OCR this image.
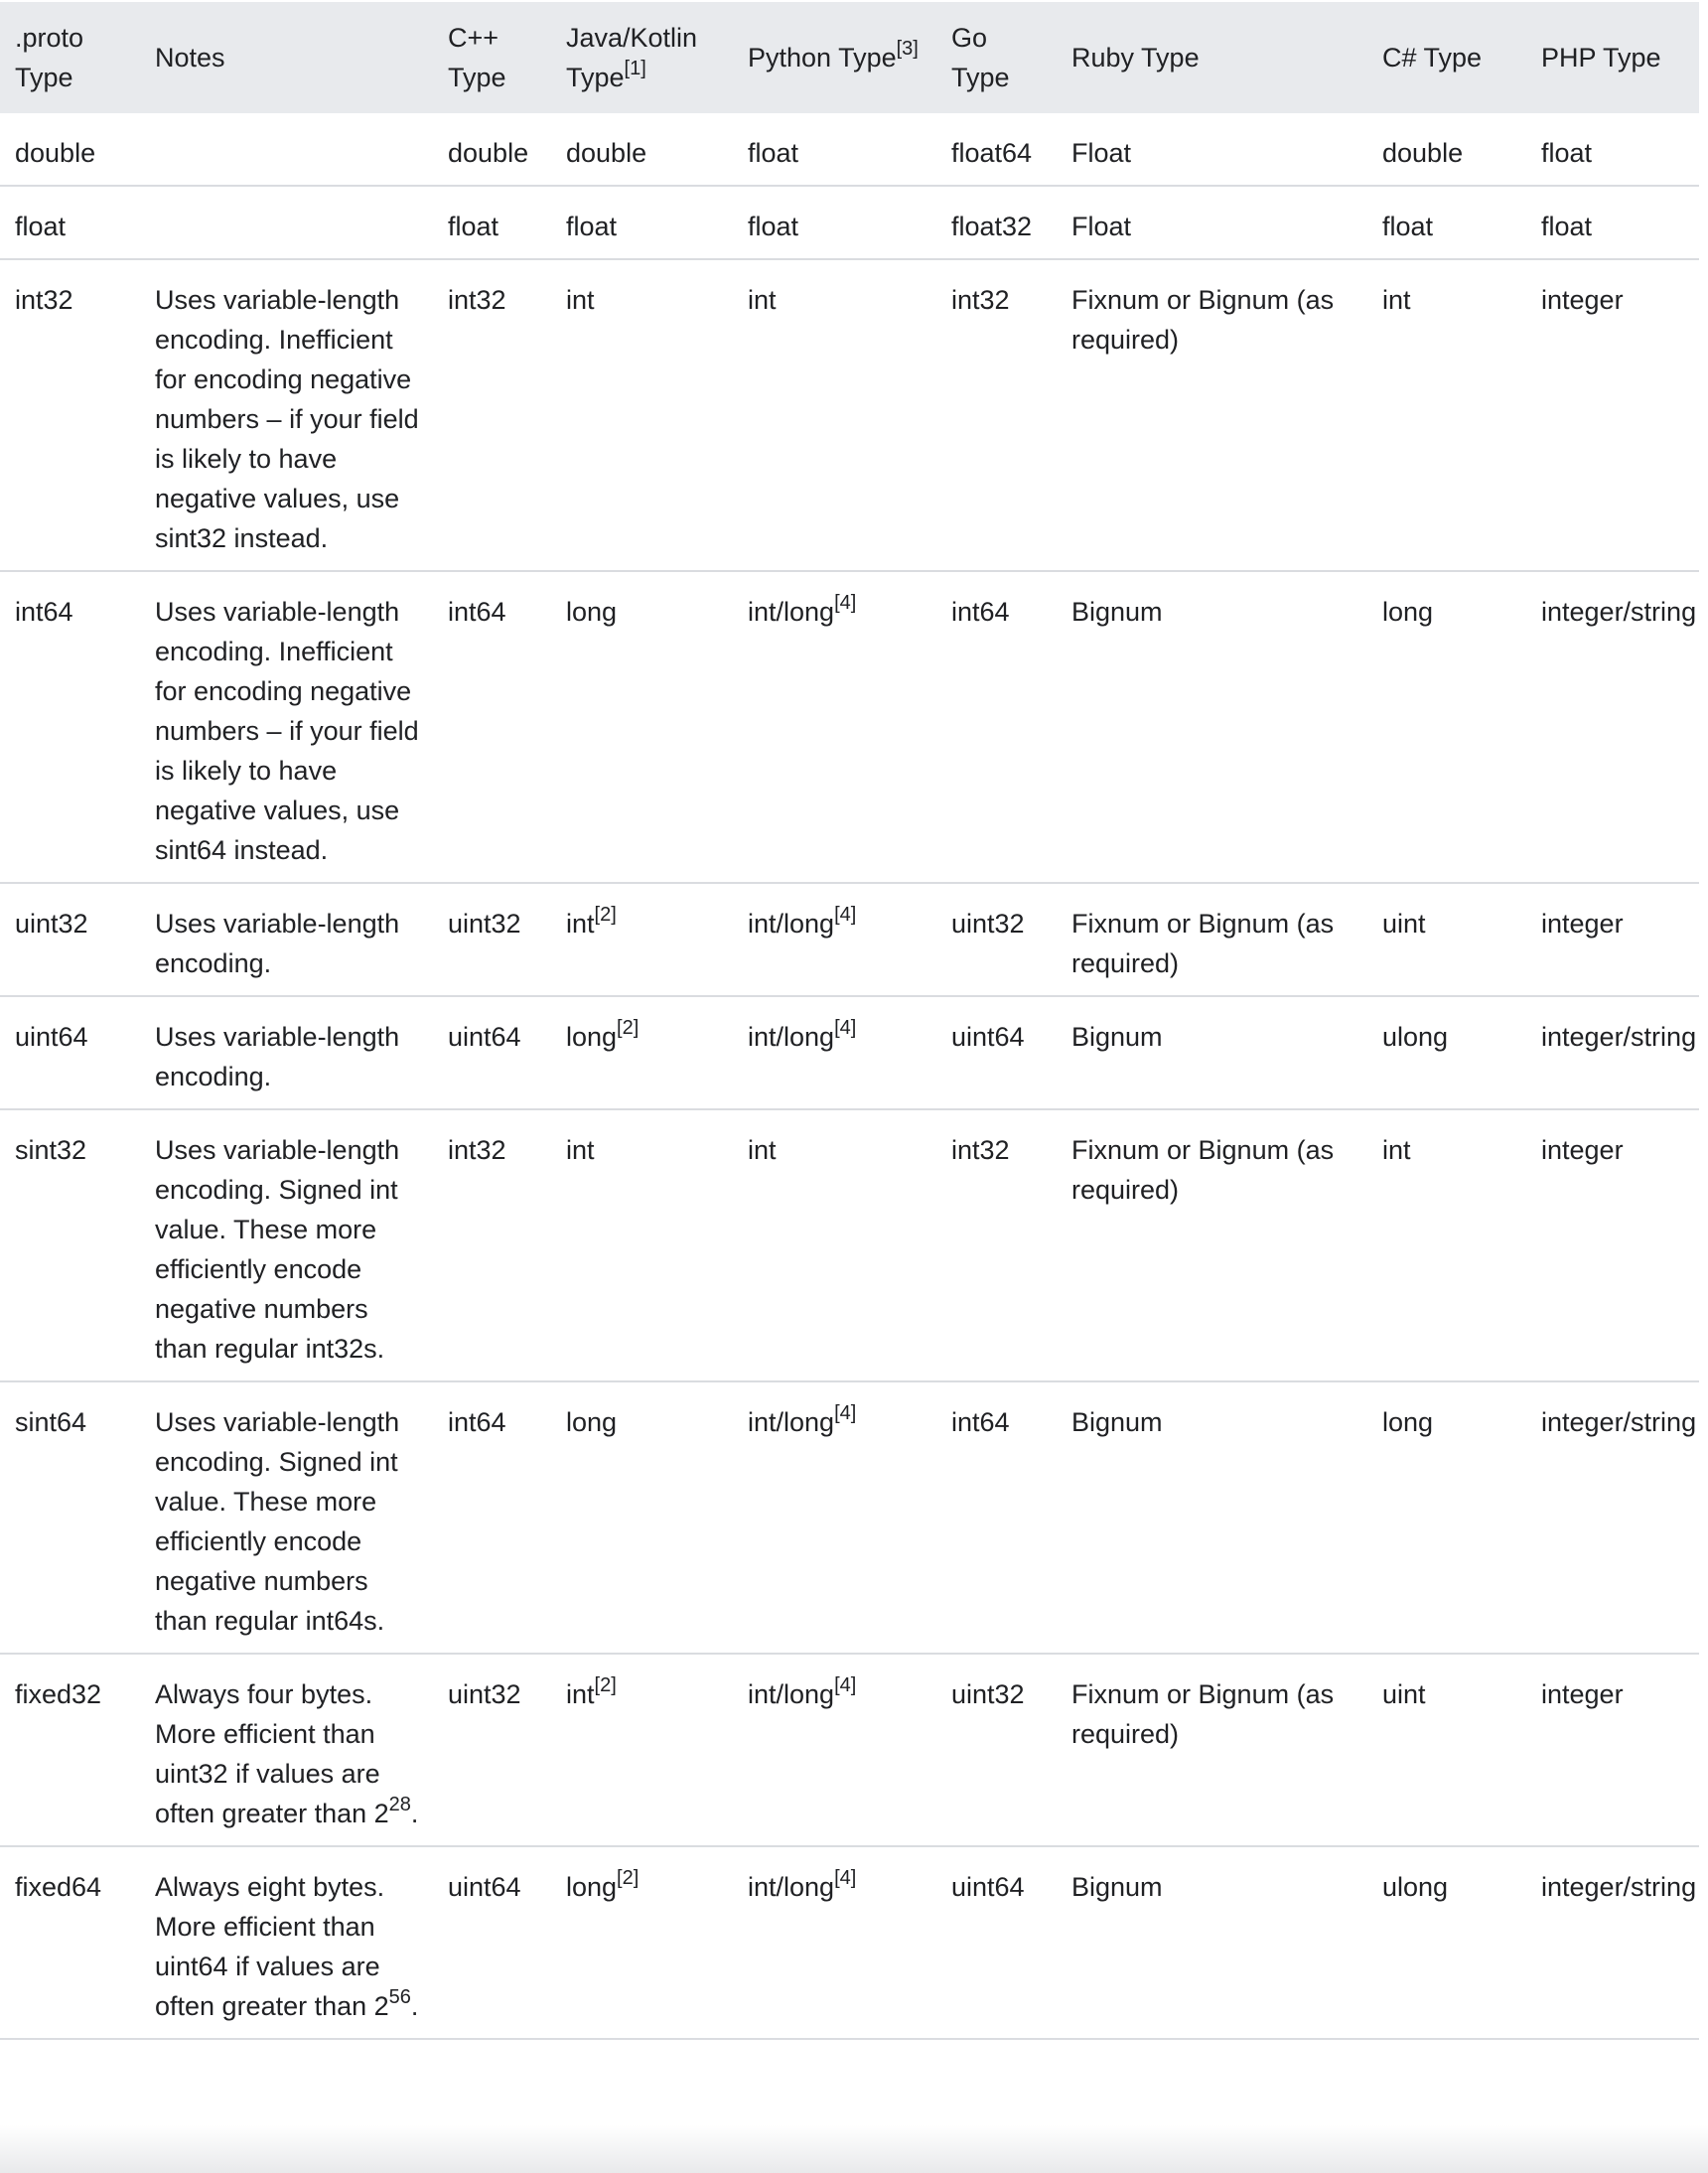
.proto Type	Notes	C++ Type	Java/Kotlin Type[1]	Python Type[3]	Go Type	Ruby Type	C# Type	PHP Type
double		double	double	float	float64	Float	double	float
float		float	float	float	float32	Float	float	float
int32	Uses variable-length encoding. Inefficient for encoding negative numbers – if your field is likely to have negative values, use sint32 instead.	int32	int	int	int32	Fixnum or Bignum (as required)	int	integer
int64	Uses variable-length encoding. Inefficient for encoding negative numbers – if your field is likely to have negative values, use sint64 instead.	int64	long	int/long[4]	int64	Bignum	long	integer/string
uint32	Uses variable-length encoding.	uint32	int[2]	int/long[4]	uint32	Fixnum or Bignum (as required)	uint	integer
uint64	Uses variable-length encoding.	uint64	long[2]	int/long[4]	uint64	Bignum	ulong	integer/string
sint32	Uses variable-length encoding. Signed int value. These more efficiently encode negative numbers than regular int32s.	int32	int	int	int32	Fixnum or Bignum (as required)	int	integer
sint64	Uses variable-length encoding. Signed int value. These more efficiently encode negative numbers than regular int64s.	int64	long	int/long[4]	int64	Bignum	long	integer/string
fixed32	Always four bytes. More efficient than uint32 if values are often greater than $2^{28}$.	uint32	int[2]	int/long[4]	uint32	Fixnum or Bignum (as required)	uint	integer
fixed64	Always eight bytes. More efficient than uint64 if values are often greater than $2^{56}$.	uint64	long[2]	int/long[4]	uint64	Bignum	ulong	integer/string
